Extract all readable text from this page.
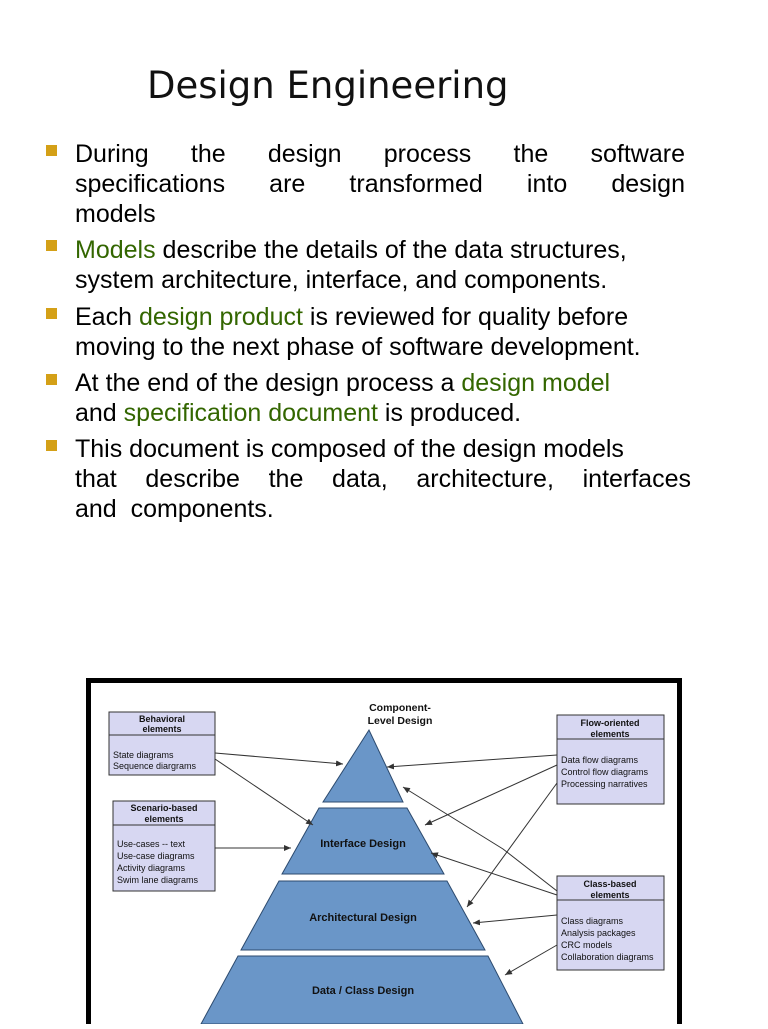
Design Engineering
During the design process the software
specifications are transformed into design
models
Models describe the details of the data structures,
system architecture, interface, and components.
Each design product is reviewed for quality before
moving to the next phase of software development.
At the end of the design process a design model
and specification document is produced.
This document is composed of the design models
that describe the data, architecture, interfaces
and  components.
Component-
Level Design
Interface Design
Architectural Design
Data / Class Design
Behavioral
elements
State diagrams
Sequence diargrams
Scenario-based
elements
Use-cases -- text
Use-case diagrams
Activity diagrams
Swim lane diagrams
Flow-oriented
elements
Data flow diagrams
Control flow diagrams
Processing narratives
Class-based
elements
Class diagrams
Analysis packages
CRC models
Collaboration diagrams
